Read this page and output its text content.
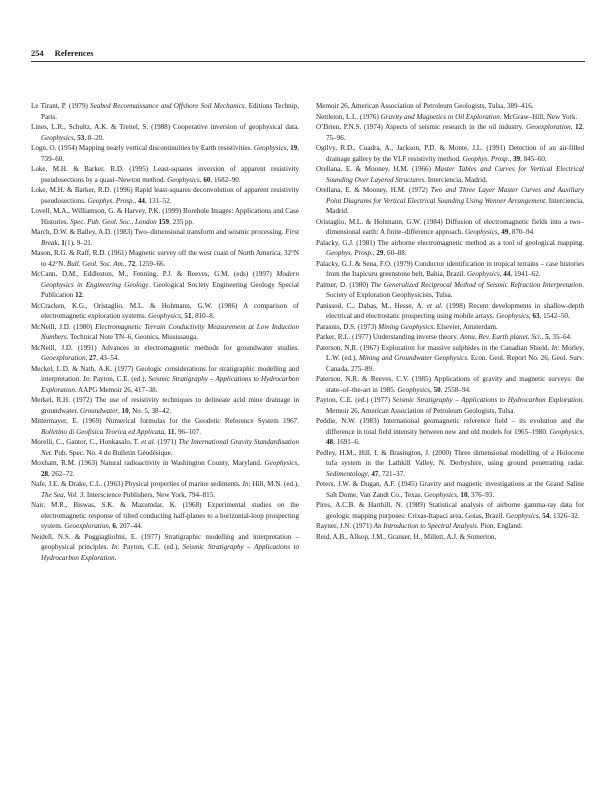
254 References

Le Tirant, P. (1979) Seabed Reconnaissance and Offshore Soil Mechanics. Editions Technip, Paris.

Lines, L.R., Schultz, A.K. & Treitel, S. (1988) Cooperative inversion of geophysical data. Geophysics, 53, 8–20.

Logn, O. (1954) Mapping nearly vertical discontinuities by Earth resistivities. Geophysics, 19, 739–60.

Loke, M.H. & Barker, R.D. (1995) Least-squares inversion of apparent resistivity pseudosections by a quasi–Newton method. Geophysics, 60, 1682–90.

Loke, M.H. & Barker, R.D. (1996) Rapid least-squares deconvolution of apparent resistivity pseudosections. Geophys. Prosp., 44, 131–52.

Lovell, M.A., Williamson, G. & Harvey, P.K. (1999) Borehole Images: Applications and Case Histories. Spec. Pub. Geol. Soc., London 159, 235 pp.

March, D.W. & Bailey, A.D. (1983) Two–dimensional transform and seismic processing. First Break, 1(1), 9–21.

Mason, R.G. & Raff, R.D. (1961) Magnetic survey off the west coast of North America, 32°N to 42°N. Bull. Geol. Soc. Am., 72, 1259–66.

McCann, D.M., Eddleston, M., Fenning, P.J. & Reeves, G.M. (eds) (1997) Modern Geophysics in Engineering Geology. Geological Society Engineering Geology Special Publication 12.

McCracken, K.G., Oristaglio, M.L. & Hohmann, G.W. (1986) A comparison of electromagnetic exploration systems. Geophysics, 51, 810–8.

McNeill, J.D. (1980) Electromagnetic Terrain Conductivity Measurement at Low Induction Numbers. Technical Note TN–6, Geonics, Mississauga.

McNeill, J.D. (1991) Advances in electromagnetic methods for groundwater studies. Geoexploration, 27, 43–54.

Meckel, L.D. & Nath, A.K. (1977) Geologic considerations for stratigraphic modelling and interpretation. In: Payton, C.E. (ed.), Seismic Stratigraphy – Applications to Hydrocarbon Exploration. AAPG Memoir 26, 417–38.

Merkel, R.H. (1972) The use of resistivity techniques to delineate acid mine drainage in groundwater. Groundwater, 10, No. 5, 38–42.

Mittermayer, E. (1969) Numerical formulas for the Geodetic Reference System 1967. Bolletino di Geofisica Teorica ed Applicata, 11, 96–107.

Morelli, C., Gantor, C., Honkasalo, T. et al. (1971) The International Gravity Standardisation Net. Pub. Spec. No. 4 du Bulletin Géodésique.

Moxham, R.M. (1963) Natural radioactivity in Washington County, Maryland. Geophysics, 28, 262–72.

Nafe, J.E. & Drake, C.L. (1963) Physical properties of marine sediments. In: Hill, M.N. (ed.), The Sea, Vol. 3. Interscience Publishers, New York, 794–815.

Nair, M.R., Biswas, S.K. & Mazumdar, K. (1968) Experimental studies on the electromagnetic response of tilted conducting half-planes to a horizontal-loop prospecting system. Geoexploration, 6, 207–44.

Neidell, N.S. & Poggiagliolmi, E. (1977) Stratigraphic modelling and interpretation – geophysical principles. In: Payton, C.E. (ed.), Seismic Stratigraphy – Applications to Hydrocarbon Exploration.

Memoir 26, American Association of Petroleum Geologists, Tulsa, 389–416.

Nettleton, L.L. (1976) Gravity and Magnetics in Oil Exploration. McGraw–Hill, New York.

O’Brien, P.N.S. (1974) Aspects of seismic research in the oil industry. Geoexploration, 12, 75–96.

Ogilvy, R.D., Cuadra, A., Jackson, P.D. & Monte, J.L. (1991) Detection of an air-filled drainage gallery by the VLF resistivity method. Geophys. Prosp., 39, 845–60.

Orellana, E. & Mooney, H.M. (1966) Master Tables and Curves for Vertical Electrical Sounding Over Layered Structures. Interciencia, Madrid.

Orellana, E. & Mooney, H.M. (1972) Two and Three Layer Master Curves and Auxiliary Point Diagrams for Vertical Electrical Sounding Using Wenner Arrangement. Interciencia, Madrid.

Oristaglio, M.L. & Hohmann, G.W. (1984) Diffusion of electromagnetic fields into a two–dimensional earth: A finite–difference approach. Geophysics, 49, 870–94.

Palacky, G.J. (1981) The airborne electromagnetic method as a tool of geological mapping. Geophys. Prosp., 29, 60–88.

Palacky, G.J. & Sena, F.O. (1979) Conductor identification in tropical terrains – case histories from the Itapicuru greenstone belt, Bahia, Brazil. Geophysics, 44, 1941–62.

Palmer, D. (1980) The Generalized Reciprocal Method of Seismic Refraction Interpretation. Society of Exploration Geophysicists, Tulsa.

Panissod, C., Dabas, M., Hesse, A. et al. (1998) Recent developments in shallow-depth electrical and electrostatic prospecting using mobile arrays. Geophysics, 63, 1542–50.

Parasnis, D.S. (1973) Mining Geophysics. Elsevier, Amsterdam.

Parker, R.L. (1977) Understanding inverse theory. Annu. Rev. Earth planet. Sci., 5, 35–64.

Paterson, N.R. (1967) Exploration for massive sulphides in the Canadian Shield. In: Morley, L.W. (ed.), Mining and Groundwater Geophysics. Econ. Geol. Report No. 26, Geol. Surv. Canada, 275–89.

Paterson, N.R. & Reeves, C.V. (1985) Applications of gravity and magnetic surveys: the state–of–the-art in 1985. Geophysics, 50, 2558–94.

Payton, C.E. (ed.) (1977) Seismic Stratigraphy – Applications to Hydrocarbon Exploration. Memoir 26, American Association of Petroleum Geologists, Tulsa.

Peddie, N.W. (1983) International geomagnetic reference field – its evolution and the difference in total field intensity between new and old models for 1965–1980. Geophysics, 48, 1691–6.

Pedley, H.M., Hill, I. & Brasington, J. (2000) Three dimensional modelling of a Holocene tufa system in the Lathkill Valley, N. Derbyshire, using ground penetrating radar. Sedimentology, 47, 721–37.

Peters, J.W. & Dugan, A.F. (1945) Gravity and magnetic investigations at the Grand Saline Salt Dome, Van Zandt Co., Texas. Geophysics, 10, 376–93.

Pires, A.C.B. & Harthill, N. (1989) Statistical analysis of airborne gamma-ray data for geologic mapping purposes: Crixas-Itapaci area, Goias, Brazil. Geophysics, 54, 1326–32.

Rayner, J.N. (1971) An Introduction to Spectral Analysis. Pion, England.

Reid, A.B., Allsop, J.M., Granser, H., Millett, A.J. & Somerton,
